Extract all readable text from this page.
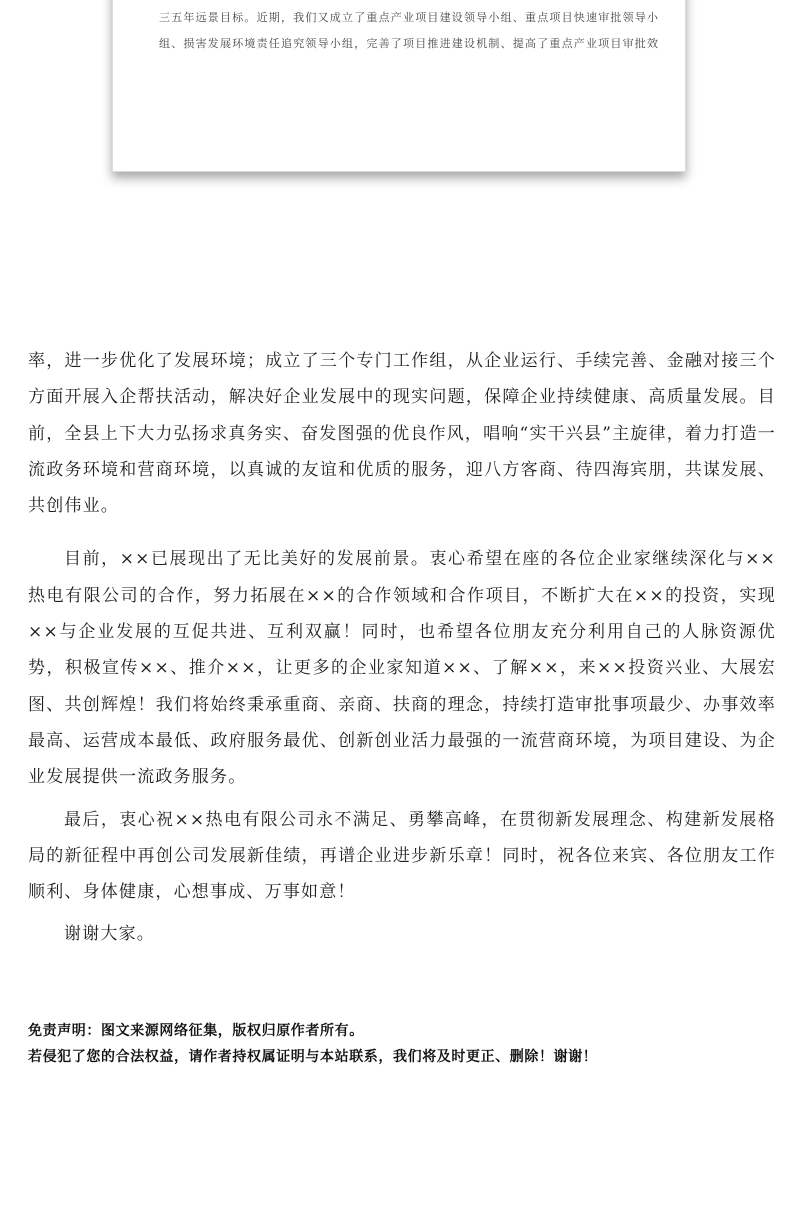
三五年远景目标。近期，我们又成立了重点产业项目建设领导小组、重点项目快速审批领导小
组、损害发展环境责任追究领导小组，完善了项目推进建设机制、提高了重点产业项目审批效

率，进一步优化了发展环境；成立了三个专门工作组，从企业运行、手续完善、金融对接三个方面开展入企帮扶活动，解决好企业发展中的现实问题，保障企业持续健康、高质量发展。目前，全县上下大力弘扬求真务实、奋发图强的优良作风，唱响“实干兴县”主旋律，着力打造一流政务环境和营商环境，以真诚的友谊和优质的服务，迎八方客商、待四海宾朋，共谋发展、共创伟业。

目前，××已展现出了无比美好的发展前景。衷心希望在座的各位企业家继续深化与××热电有限公司的合作，努力拓展在××的合作领域和合作项目，不断扩大在××的投资，实现××与企业发展的互促共进、互利双赢！同时，也希望各位朋友充分利用自己的人脉资源优势，积极宣传××、推介××，让更多的企业家知道××、了解××，来××投资兴业、大展宏图、共创辉煌！我们将始终秉承重商、亲商、扶商的理念，持续打造审批事项最少、办事效率最高、运营成本最低、政府服务最优、创新创业活力最强的一流营商环境，为项目建设、为企业发展提供一流政务服务。

最后，衷心祝××热电有限公司永不满足、勇攀高峰，在贯彻新发展理念、构建新发展格局的新征程中再创公司发展新佳绩，再谱企业进步新乐章！同时，祝各位来宾、各位朋友工作顺利、身体健康，心想事成、万事如意！

谢谢大家。

免责声明：图文来源网络征集，版权归原作者所有。
若侵犯了您的合法权益，请作者持权属证明与本站联系，我们将及时更正、删除！谢谢！
